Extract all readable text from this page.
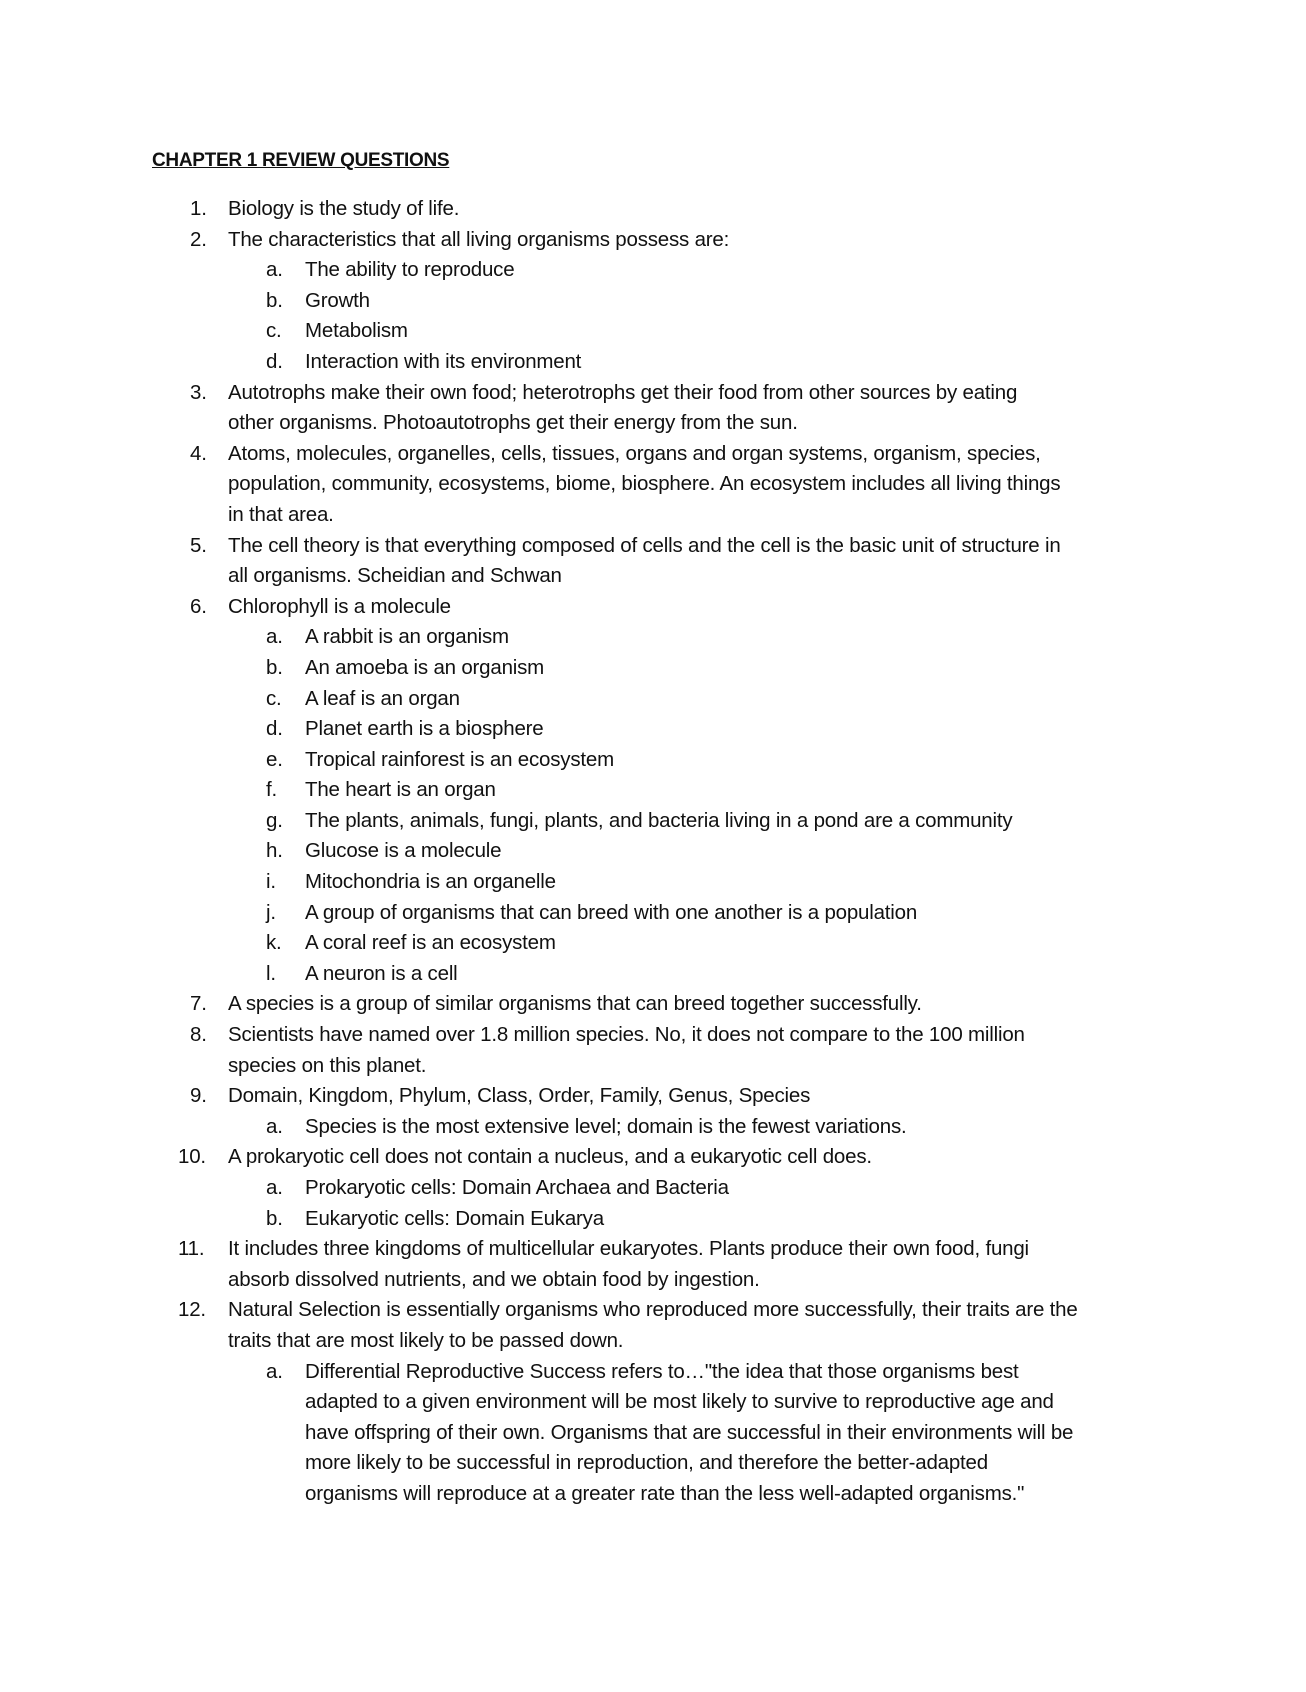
CHAPTER 1 REVIEW QUESTIONS
1. Biology is the study of life.
2. The characteristics that all living organisms possess are:
a. The ability to reproduce
b. Growth
c. Metabolism
d. Interaction with its environment
3. Autotrophs make their own food; heterotrophs get their food from other sources by eating
other organisms. Photoautotrophs get their energy from the sun.
4. Atoms, molecules, organelles, cells, tissues, organs and organ systems, organism, species,
population, community, ecosystems, biome, biosphere. An ecosystem includes all living things
in that area.
5. The cell theory is that everything composed of cells and the cell is the basic unit of structure in
all organisms. Scheidian and Schwan
6. Chlorophyll is a molecule
a. A rabbit is an organism
b. An amoeba is an organism
c. A leaf is an organ
d. Planet earth is a biosphere
e. Tropical rainforest is an ecosystem
f. The heart is an organ
g. The plants, animals, fungi, plants, and bacteria living in a pond are a community
h. Glucose is a molecule
i. Mitochondria is an organelle
j. A group of organisms that can breed with one another is a population
k. A coral reef is an ecosystem
l. A neuron is a cell
7. A species is a group of similar organisms that can breed together successfully.
8. Scientists have named over 1.8 million species. No, it does not compare to the 100 million
species on this planet.
9. Domain, Kingdom, Phylum, Class, Order, Family, Genus, Species
a. Species is the most extensive level; domain is the fewest variations.
10. A prokaryotic cell does not contain a nucleus, and a eukaryotic cell does.
a. Prokaryotic cells: Domain Archaea and Bacteria
b. Eukaryotic cells: Domain Eukarya
11. It includes three kingdoms of multicellular eukaryotes. Plants produce their own food, fungi
absorb dissolved nutrients, and we obtain food by ingestion.
12. Natural Selection is essentially organisms who reproduced more successfully, their traits are the
traits that are most likely to be passed down.
a. Differential Reproductive Success refers to…"the idea that those organisms best
adapted to a given environment will be most likely to survive to reproductive age and
have offspring of their own. Organisms that are successful in their environments will be
more likely to be successful in reproduction, and therefore the better-adapted
organisms will reproduce at a greater rate than the less well-adapted organisms."
